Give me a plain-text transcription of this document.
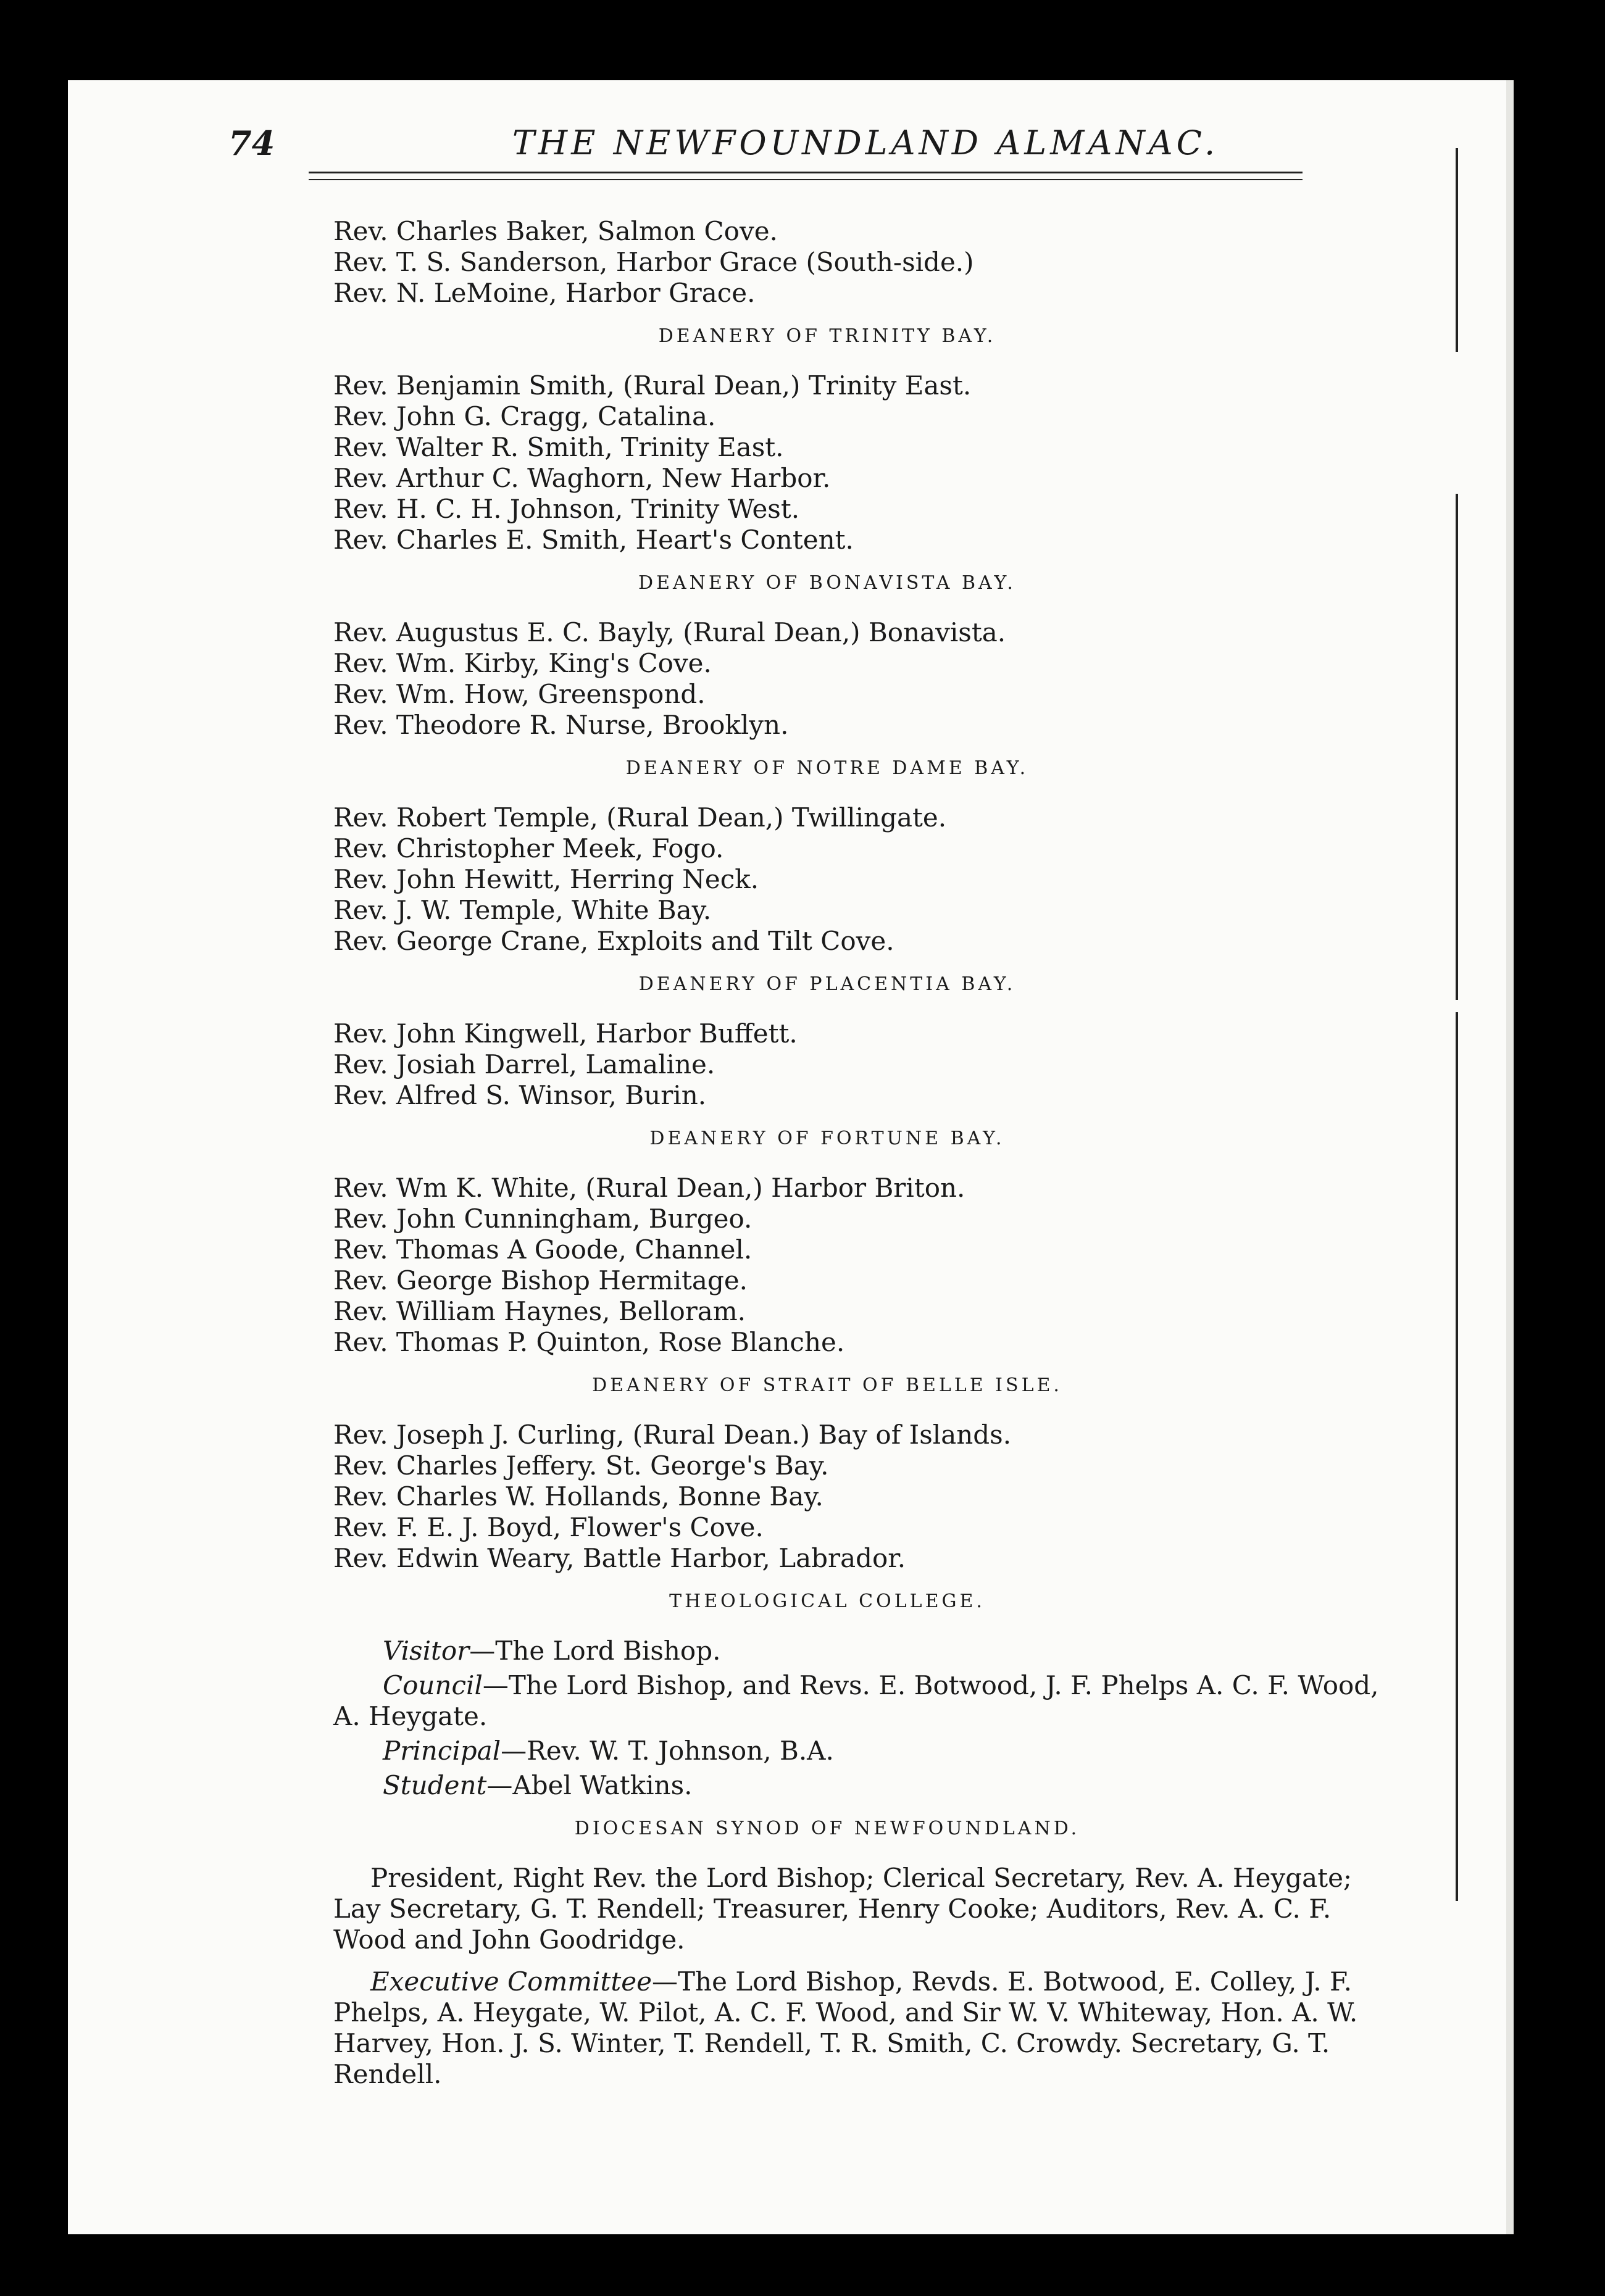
74	THE NEWFOUNDLAND ALMANAC.
Rev. Charles Baker, Salmon Cove.
Rev. T. S. Sanderson, Harbor Grace (South-side.)
Rev. N. LeMoine, Harbor Grace.
DEANERY OF TRINITY BAY.
Rev. Benjamin Smith, (Rural Dean,) Trinity East.
Rev. John G. Cragg, Catalina.
Rev. Walter R. Smith, Trinity East.
Rev. Arthur C. Waghorn, New Harbor.
Rev. H. C. H. Johnson, Trinity West.
Rev. Charles E. Smith, Heart's Content.
DEANERY OF BONAVISTA BAY.
Rev. Augustus E. C. Bayly, (Rural Dean,) Bonavista.
Rev. Wm. Kirby, King's Cove.
Rev. Wm. How, Greenspond.
Rev. Theodore R. Nurse, Brooklyn.
DEANERY OF NOTRE DAME BAY.
Rev. Robert Temple, (Rural Dean,) Twillingate.
Rev. Christopher Meek, Fogo.
Rev. John Hewitt, Herring Neck.
Rev. J. W. Temple, White Bay.
Rev. George Crane, Exploits and Tilt Cove.
DEANERY OF PLACENTIA BAY.
Rev. John Kingwell, Harbor Buffett.
Rev. Josiah Darrel, Lamaline.
Rev. Alfred S. Winsor, Burin.
DEANERY OF FORTUNE BAY.
Rev. Wm K. White, (Rural Dean,) Harbor Briton.
Rev. John Cunningham, Burgeo.
Rev. Thomas A Goode, Channel.
Rev. George Bishop Hermitage.
Rev. William Haynes, Belloram.
Rev. Thomas P. Quinton, Rose Blanche.
DEANERY OF STRAIT OF BELLE ISLE.
Rev. Joseph J. Curling, (Rural Dean.) Bay of Islands.
Rev. Charles Jeffery. St. George's Bay.
Rev. Charles W. Hollands, Bonne Bay.
Rev. F. E. J. Boyd, Flower's Cove.
Rev. Edwin Weary, Battle Harbor, Labrador.
THEOLOGICAL COLLEGE.
Visitor—The Lord Bishop.
Council—The Lord Bishop, and Revs. E. Botwood, J. F. Phelps A. C. F. Wood, A. Heygate.
Principal—Rev. W. T. Johnson, B.A.
Student—Abel Watkins.
DIOCESAN SYNOD OF NEWFOUNDLAND.
President, Right Rev. the Lord Bishop; Clerical Secretary, Rev. A. Heygate; Lay Secretary, G. T. Rendell; Treasurer, Henry Cooke; Auditors, Rev. A. C. F. Wood and John Goodridge.
Executive Committee—The Lord Bishop, Revds. E. Botwood, E. Colley, J. F. Phelps, A. Heygate, W. Pilot, A. C. F. Wood, and Sir W. V. Whiteway, Hon. A. W. Harvey, Hon. J. S. Winter, T. Rendell, T. R. Smith, C. Crowdy. Secretary, G. T. Rendell.
